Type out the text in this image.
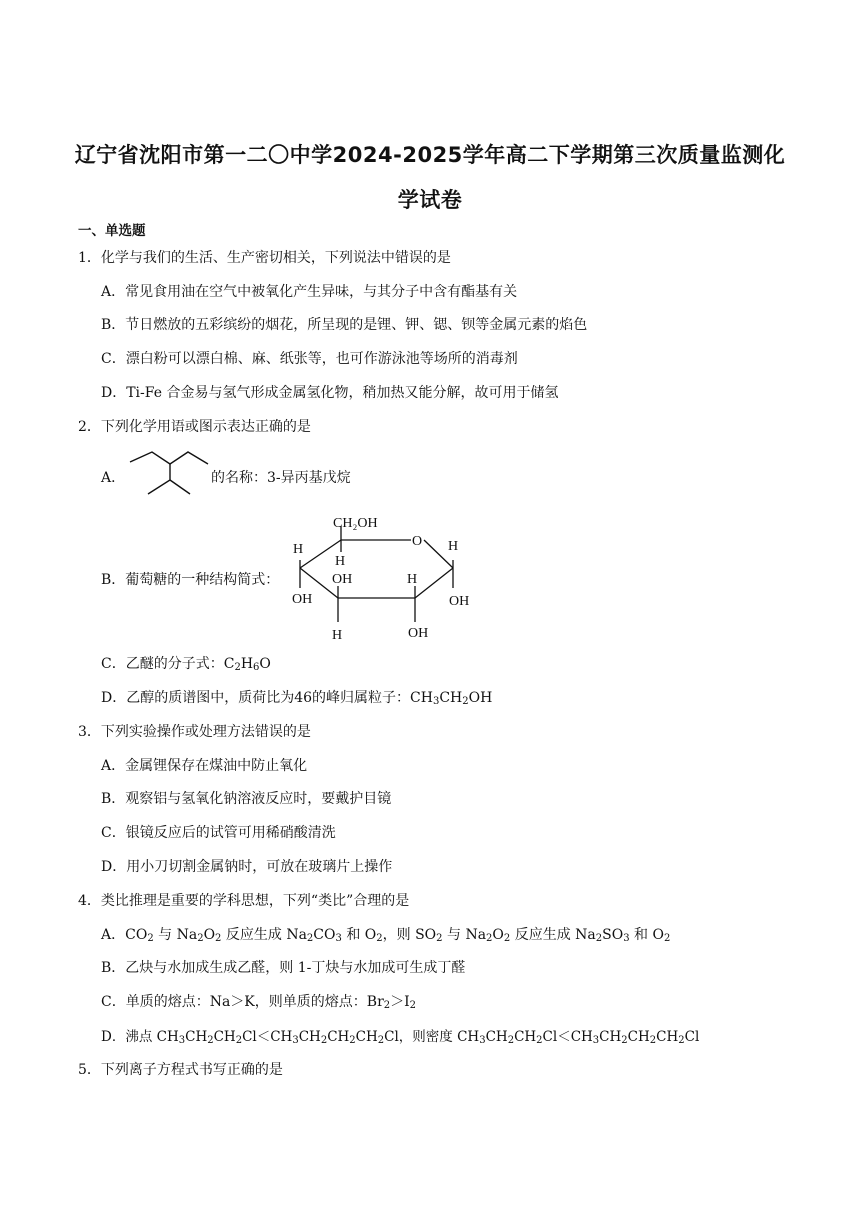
辽宁省沈阳市第一二〇中学2024-2025学年高二下学期第三次质量监测化
学试卷
一、单选题
1．化学与我们的生活、生产密切相关，下列说法中错误的是
A．常见食用油在空气中被氧化产生异味，与其分子中含有酯基有关
B．节日燃放的五彩缤纷的烟花，所呈现的是锂、钾、锶、钡等金属元素的焰色
C．漂白粉可以漂白棉、麻、纸张等，也可作游泳池等场所的消毒剂
D．Ti-Fe 合金易与氢气形成金属氢化物，稍加热又能分解，故可用于储氢
2．下列化学用语或图示表达正确的是
A．	的名称：3-异丙基戊烷
B．葡萄糖的一种结构简式：
CH₂OH
O
H
H
H
OH	H
OH	OH
H	OH
C．乙醚的分子式：$C_2H_6O$
D．乙醇的质谱图中，质荷比为46的峰归属粒子：$CH_3CH_2OH$
3．下列实验操作或处理方法错误的是
A．金属锂保存在煤油中防止氧化
B．观察铝与氢氧化钠溶液反应时，要戴护目镜
C．银镜反应后的试管可用稀硝酸清洗
D．用小刀切割金属钠时，可放在玻璃片上操作
4．类比推理是重要的学科思想，下列“类比”合理的是
A．$CO_2$ 与 $Na_2O_2$ 反应生成 $Na_2CO_3$ 和 $O_2$，则 $SO_2$ 与 $Na_2O_2$ 反应生成 $Na_2SO_3$ 和 $O_2$
B．乙炔与水加成生成乙醛，则 1-丁炔与水加成可生成丁醛
C．单质的熔点：Na＞K，则单质的熔点：$Br_2>I_2$
D．沸点 $CH_3CH_2CH_2Cl<CH_3CH_2CH_2CH_2Cl$，则密度 $CH_3CH_2CH_2Cl<CH_3CH_2CH_2CH_2Cl$
5．下列离子方程式书写正确的是
